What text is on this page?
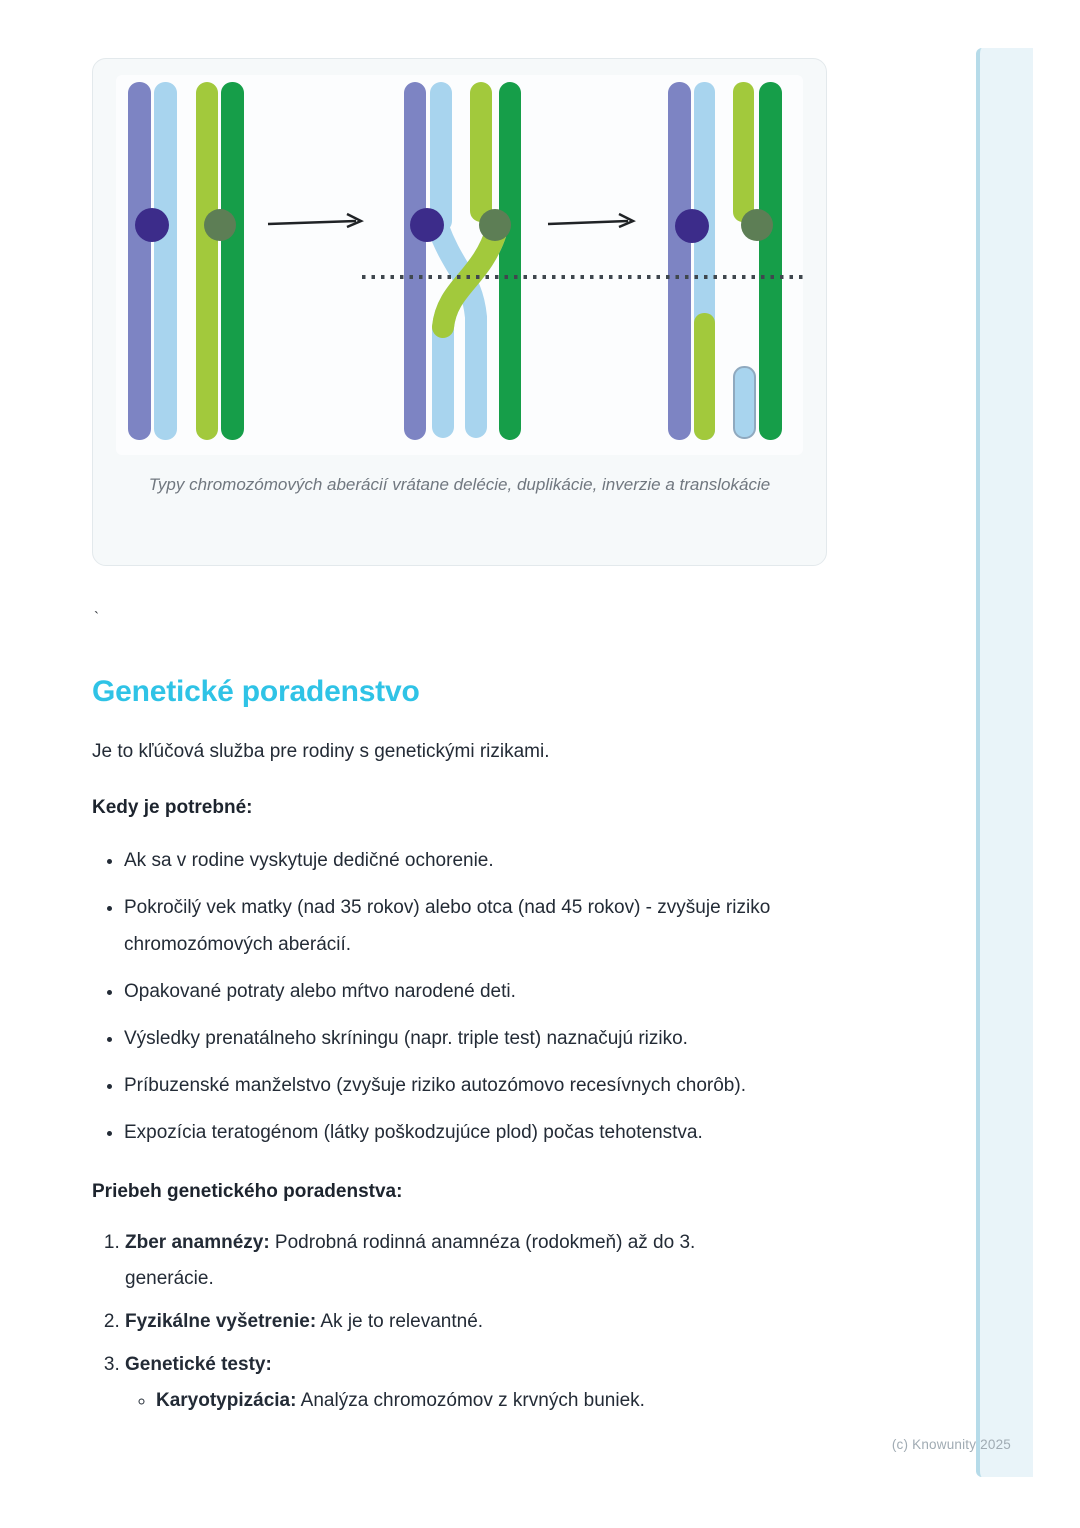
Typy chromozómových aberácií vrátane delécie, duplikácie, inverzie a translokácie
`
Genetické poradenstvo

Je to kľúčová služba pre rodiny s genetickými rizikami.

Kedy je potrebné:

• Ak sa v rodine vyskytuje dedičné ochorenie.
• Pokročilý vek matky (nad 35 rokov) alebo otca (nad 45 rokov) - zvyšuje riziko chromozómových aberácií.
• Opakované potraty alebo mŕtvo narodené deti.
• Výsledky prenatálneho skríningu (napr. triple test) naznačujú riziko.
• Príbuzenské manželstvo (zvyšuje riziko autozómovo recesívnych chorôb).
• Expozícia teratogénom (látky poškodzujúce plod) počas tehotenstva.

Priebeh genetického poradenstva:

1. Zber anamnézy: Podrobná rodinná anamnéza (rodokmeň) až do 3. generácie.
2. Fyzikálne vyšetrenie: Ak je to relevantné.
3. Genetické testy:
◦ Karyotypizácia: Analýza chromozómov z krvných buniek.
(c) Knowunity 2025
